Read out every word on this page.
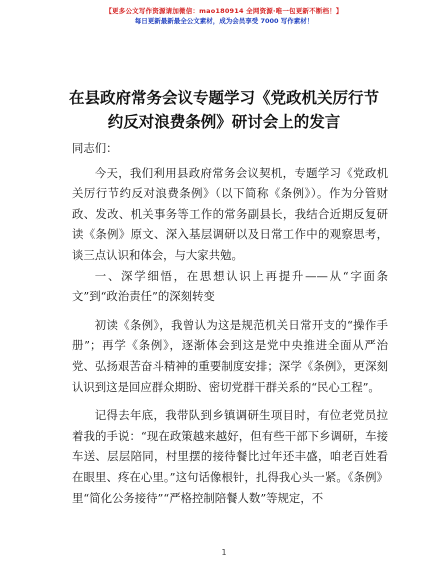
【更多公文写作资源请加微信：mao180914 全网资源·唯一包更新不断档！】
每日更新最新最全公文素材，成为会员享受 7000 写作素材！
在县政府常务会议专题学习《党政机关厉行节
约反对浪费条例》研讨会上的发言

同志们：

今天，我们利用县政府常务会议契机，专题学习《党政机关厉行节约反对浪费条例》（以下简称《条例》）。作为分管财政、发改、机关事务等工作的常务副县长，我结合近期反复研读《条例》原文、深入基层调研以及日常工作中的观察思考，谈三点认识和体会，与大家共勉。

一、深学细悟，在思想认识上再提升——从“字面条文”到“政治责任”的深刻转变

初读《条例》，我曾认为这是规范机关日常开支的“操作手册”；再学《条例》，逐渐体会到这是党中央推进全面从严治党、弘扬艰苦奋斗精神的重要制度安排；深学《条例》，更深刻认识到这是回应群众期盼、密切党群干群关系的“民心工程”。

记得去年底，我带队到乡镇调研生项目时，有位老党员拉着我的手说：“现在政策越来越好，但有些干部下乡调研，车接车送、层层陪同，村里摆的接待餐比过年还丰盛，咱老百姓看在眼里、疼在心里。”这句话像根针，扎得我心头一紧。《条例》里“简化公务接待”“严格控制陪餐人数”等规定，不

1
